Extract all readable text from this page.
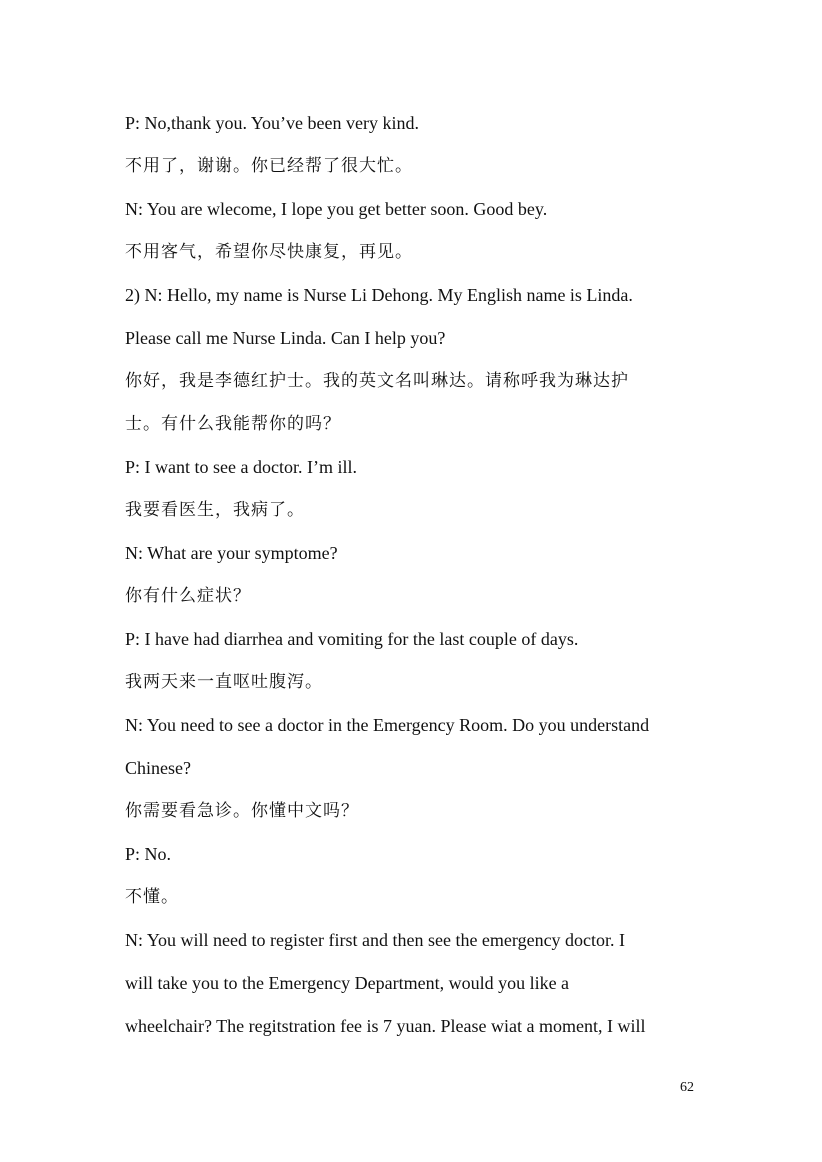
P: No,thank you. You’ve been very kind.
不用了，谢谢。你已经帮了很大忙。
N: You are wlecome, I lope you get better soon. Good bey.
不用客气，希望你尽快康复，再见。
2) N: Hello, my name is Nurse Li Dehong. My English name is Linda.
Please call me Nurse Linda. Can I help you?
你好，我是李德红护士。我的英文名叫琳达。请称呼我为琳达护
士。有什么我能帮你的吗？
P: I want to see a doctor. I’m ill.
我要看医生，我病了。
N: What are your symptome?
你有什么症状？
P: I have had diarrhea and vomiting for the last couple of days.
我两天来一直呕吐腹泻。
N: You need to see a doctor in the Emergency Room. Do you understand
Chinese?
你需要看急诊。你懂中文吗？
P: No.
不懂。
N: You will need to register first and then see the emergency doctor. I
will take you to the Emergency Department, would you like a
wheelchair? The regitstration fee is 7 yuan. Please wiat a moment, I will
62
